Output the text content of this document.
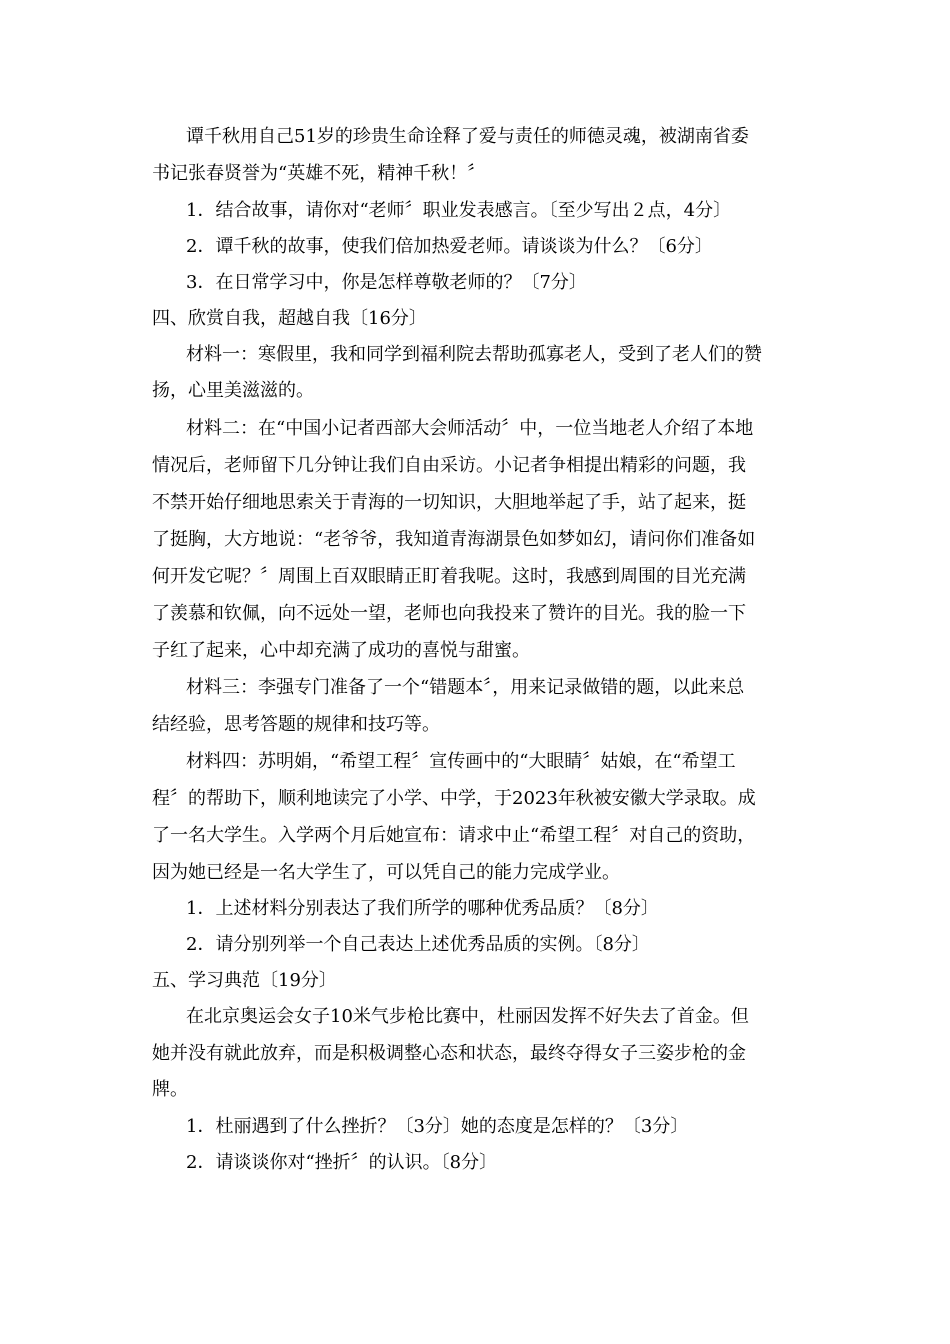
谭千秋用自己51岁的珍贵生命诠释了爱与责任的师德灵魂，被湖南省委
书记张春贤誉为“英雄不死，精神千秋！〞
1．结合故事，请你对“老师〞职业发表感言。〔至少写出２点，4分〕
2．谭千秋的故事，使我们倍加热爱老师。请谈谈为什么？〔6分〕
3．在日常学习中，你是怎样尊敬老师的？〔7分〕
四、欣赏自我，超越自我〔16分〕
材料一：寒假里，我和同学到福利院去帮助孤寡老人，受到了老人们的赞
扬，心里美滋滋的。
材料二：在“中国小记者西部大会师活动〞中，一位当地老人介绍了本地
情况后，老师留下几分钟让我们自由采访。小记者争相提出精彩的问题，我
不禁开始仔细地思索关于青海的一切知识，大胆地举起了手，站了起来，挺
了挺胸，大方地说：“老爷爷，我知道青海湖景色如梦如幻，请问你们准备如
何开发它呢？〞周围上百双眼睛正盯着我呢。这时，我感到周围的目光充满
了羡慕和钦佩，向不远处一望，老师也向我投来了赞许的目光。我的脸一下
子红了起来，心中却充满了成功的喜悦与甜蜜。
材料三：李强专门准备了一个“错题本〞，用来记录做错的题，以此来总
结经验，思考答题的规律和技巧等。
材料四：苏明娟，“希望工程〞宣传画中的“大眼睛〞姑娘，在“希望工
程〞的帮助下，顺利地读完了小学、中学，于2023年秋被安徽大学录取。成
了一名大学生。入学两个月后她宣布：请求中止“希望工程〞对自己的资助，
因为她已经是一名大学生了，可以凭自己的能力完成学业。
1．上述材料分别表达了我们所学的哪种优秀品质？〔8分〕
2．请分别列举一个自己表达上述优秀品质的实例。〔8分〕
五、学习典范〔19分〕
在北京奥运会女子10米气步枪比赛中，杜丽因发挥不好失去了首金。但
她并没有就此放弃，而是积极调整心态和状态，最终夺得女子三姿步枪的金
牌。
1．杜丽遇到了什么挫折？〔3分〕她的态度是怎样的？〔3分〕
2．请谈谈你对“挫折〞的认识。〔8分〕
